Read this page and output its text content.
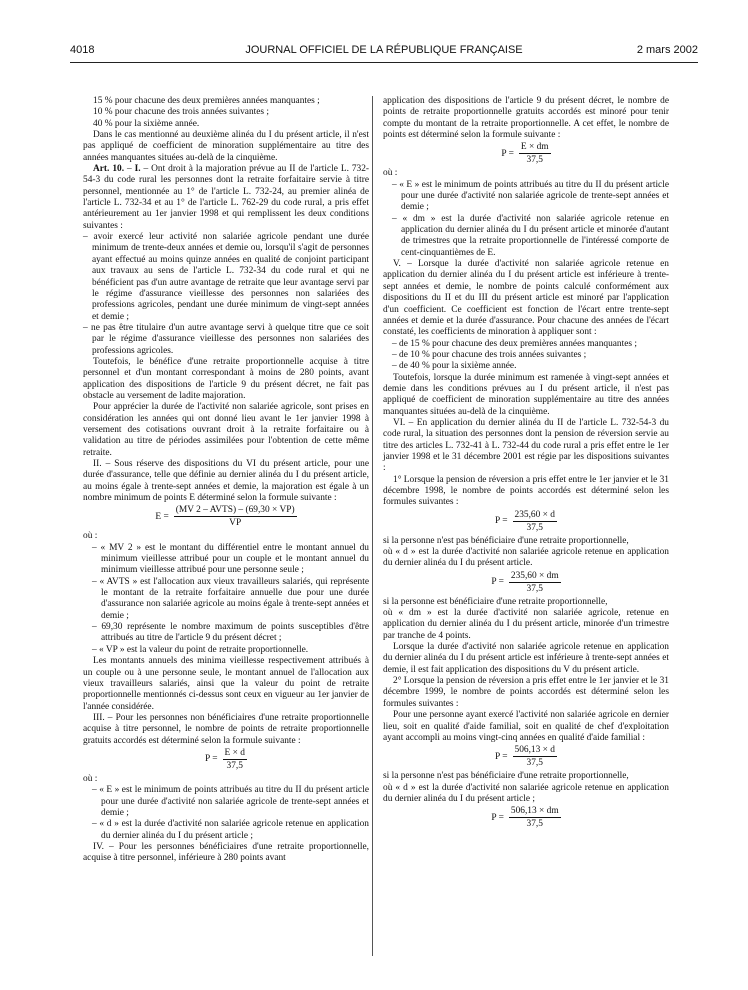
4018	JOURNAL OFFICIEL DE LA RÉPUBLIQUE FRANÇAISE	2 mars 2002

15 % pour chacune des deux premières années manquantes ;

10 % pour chacune des trois années suivantes ;

40 % pour la sixième année.

Dans le cas mentionné au deuxième alinéa du I du présent article, il n'est pas appliqué de coefficient de minoration supplémentaire au titre des années manquantes situées au-delà de la cinquième.

Art. 10. – I. – Ont droit à la majoration prévue au II de l'article L. 732-54-3 du code rural les personnes dont la retraite forfaitaire servie à titre personnel, mentionnée au 1° de l'article L. 732-24, au premier alinéa de l'article L. 732-34 et au 1° de l'article L. 762-29 du code rural, a pris effet antérieurement au 1er janvier 1998 et qui remplissent les deux conditions suivantes :

– avoir exercé leur activité non salariée agricole pendant une durée minimum de trente-deux années et demie ou, lorsqu'il s'agit de personnes ayant effectué au moins quinze années en qualité de conjoint participant aux travaux au sens de l'article L. 732-34 du code rural et qui ne bénéficient pas d'un autre avantage de retraite que leur avantage servi par le régime d'assurance vieillesse des personnes non salariées des professions agricoles, pendant une durée minimum de vingt-sept années et demie ;

– ne pas être titulaire d'un autre avantage servi à quelque titre que ce soit par le régime d'assurance vieillesse des personnes non salariées des professions agricoles.

Toutefois, le bénéfice d'une retraite proportionnelle acquise à titre personnel et d'un montant correspondant à moins de 280 points, avant application des dispositions de l'article 9 du présent décret, ne fait pas obstacle au versement de ladite majoration.

Pour apprécier la durée de l'activité non salariée agricole, sont prises en considération les années qui ont donné lieu avant le 1er janvier 1998 à versement des cotisations ouvrant droit à la retraite forfaitaire ou à validation au titre de périodes assimilées pour l'obtention de cette même retraite.

II. – Sous réserve des dispositions du VI du présent article, pour une durée d'assurance, telle que définie au dernier alinéa du I du présent article, au moins égale à trente-sept années et demie, la majoration est égale à un nombre minimum de points E déterminé selon la formule suivante :

$E = \frac{\text{(MV 2 – AVTS) – (69,30 × VP)}}{VP}$

où :

– « MV 2 » est le montant du différentiel entre le montant annuel du minimum vieillesse attribué pour un couple et le montant annuel du minimum vieillesse attribué pour une personne seule ;

– « AVTS » est l'allocation aux vieux travailleurs salariés, qui représente le montant de la retraite forfaitaire annuelle due pour une durée d'assurance non salariée agricole au moins égale à trente-sept années et demie ;

– 69,30 représente le nombre maximum de points susceptibles d'être attribués au titre de l'article 9 du présent décret ;

– « VP » est la valeur du point de retraite proportionnelle.

Les montants annuels des minima vieillesse respectivement attribués à un couple ou à une personne seule, le montant annuel de l'allocation aux vieux travailleurs salariés, ainsi que la valeur du point de retraite proportionnelle mentionnés ci-dessus sont ceux en vigueur au 1er janvier de l'année considérée.

III. – Pour les personnes non bénéficiaires d'une retraite proportionnelle acquise à titre personnel, le nombre de points de retraite proportionnelle gratuits accordés est déterminé selon la formule suivante :

$P = \frac{E \times d}{37,5}$

où :

– « E » est le minimum de points attribués au titre du II du présent article pour une durée d'activité non salariée agricole de trente-sept années et demie ;

– « d » est la durée d'activité non salariée agricole retenue en application du dernier alinéa du I du présent article ;

IV. – Pour les personnes bénéficiaires d'une retraite proportionnelle, acquise à titre personnel, inférieure à 280 points avant

application des dispositions de l'article 9 du présent décret, le nombre de points de retraite proportionnelle gratuits accordés est minoré pour tenir compte du montant de la retraite proportionnelle. A cet effet, le nombre de points est déterminé selon la formule suivante :

$P = \frac{E \times dm}{37,5}$

où :

– « E » est le minimum de points attribués au titre du II du présent article pour une durée d'activité non salariée agricole de trente-sept années et demie ;

– « dm » est la durée d'activité non salariée agricole retenue en application du dernier alinéa du I du présent article et minorée d'autant de trimestres que la retraite proportionnelle de l'intéressé comporte de cent-cinquantièmes de E.

V. – Lorsque la durée d'activité non salariée agricole retenue en application du dernier alinéa du I du présent article est inférieure à trente-sept années et demie, le nombre de points calculé conformément aux dispositions du II et du III du présent article est minoré par l'application d'un coefficient. Ce coefficient est fonction de l'écart entre trente-sept années et demie et la durée d'assurance. Pour chacune des années de l'écart constaté, les coefficients de minoration à appliquer sont :

– de 15 % pour chacune des deux premières années manquantes ;

– de 10 % pour chacune des trois années suivantes ;

– de 40 % pour la sixième année.

Toutefois, lorsque la durée minimum est ramenée à vingt-sept années et demie dans les conditions prévues au I du présent article, il n'est pas appliqué de coefficient de minoration supplémentaire au titre des années manquantes situées au-delà de la cinquième.

VI. – En application du dernier alinéa du II de l'article L. 732-54-3 du code rural, la situation des personnes dont la pension de réversion servie au titre des articles L. 732-41 à L. 732-44 du code rural a pris effet entre le 1er janvier 1998 et le 31 décembre 2001 est régie par les dispositions suivantes :

1° Lorsque la pension de réversion a pris effet entre le 1er janvier et le 31 décembre 1998, le nombre de points accordés est déterminé selon les formules suivantes :

$P = \frac{235,60 \times d}{37,5}$

si la personne n'est pas bénéficiaire d'une retraite proportionnelle,

où « d » est la durée d'activité non salariée agricole retenue en application du dernier alinéa du I du présent article.

$P = \frac{235,60 \times dm}{37,5}$

si la personne est bénéficiaire d'une retraite proportionnelle,

où « dm » est la durée d'activité non salariée agricole, retenue en application du dernier alinéa du I du présent article, minorée d'un trimestre par tranche de 4 points.

Lorsque la durée d'activité non salariée agricole retenue en application du dernier alinéa du I du présent article est inférieure à trente-sept années et demie, il est fait application des dispositions du V du présent article.

2° Lorsque la pension de réversion a pris effet entre le 1er janvier et le 31 décembre 1999, le nombre de points accordés est déterminé selon les formules suivantes :

Pour une personne ayant exercé l'activité non salariée agricole en dernier lieu, soit en qualité d'aide familial, soit en qualité de chef d'exploitation ayant accompli au moins vingt-cinq années en qualité d'aide familial :

$P = \frac{506,13 \times d}{37,5}$

si la personne n'est pas bénéficiaire d'une retraite proportionnelle,

où « d » est la durée d'activité non salariée agricole retenue en application du dernier alinéa du I du présent article ;

$P = \frac{506,13 \times dm}{37,5}$
